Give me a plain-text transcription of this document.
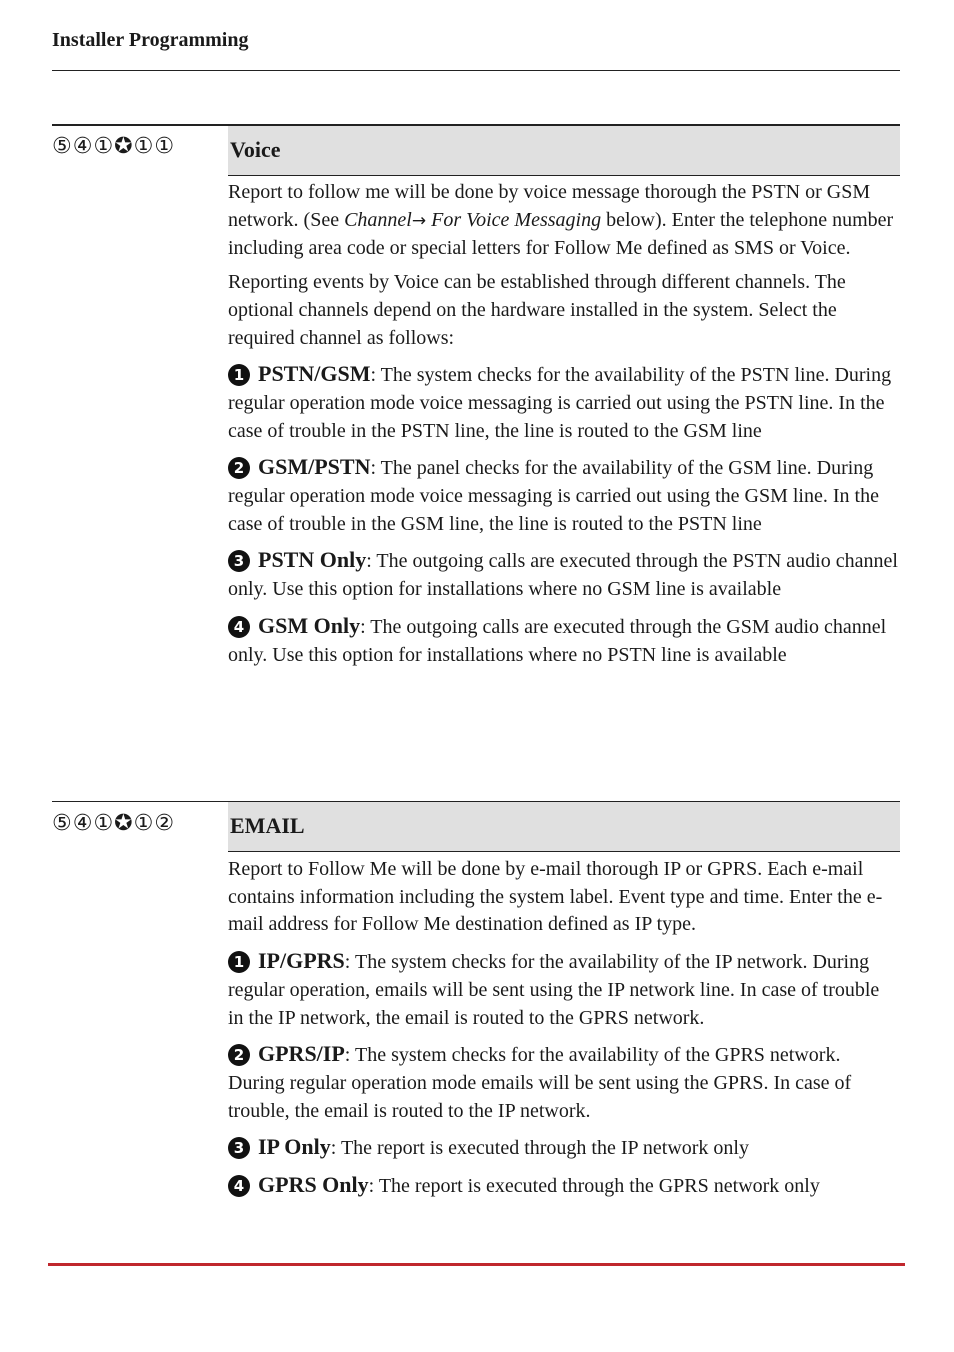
Installer Programming
⑤④①✪①① Voice

Report to follow me will be done by voice message thorough the PSTN or GSM network. (See Channel→ For Voice Messaging below). Enter the telephone number including area code or special letters for Follow Me defined as SMS or Voice.

Reporting events by Voice can be established through different channels. The optional channels depend on the hardware installed in the system. Select the required channel as follows:

1 PSTN/GSM: The system checks for the availability of the PSTN line. During regular operation mode voice messaging is carried out using the PSTN line. In the case of trouble in the PSTN line, the line is routed to the GSM line

2 GSM/PSTN: The panel checks for the availability of the GSM line. During regular operation mode voice messaging is carried out using the GSM line. In the case of trouble in the GSM line, the line is routed to the PSTN line

3 PSTN Only: The outgoing calls are executed through the PSTN audio channel only. Use this option for installations where no GSM line is available

4 GSM Only: The outgoing calls are executed through the GSM audio channel only. Use this option for installations where no PSTN line is available

⑤④①✪①② EMAIL

Report to Follow Me will be done by e-mail thorough IP or GPRS. Each e-mail contains information including the system label. Event type and time. Enter the e-mail address for Follow Me destination defined as IP type.

1 IP/GPRS: The system checks for the availability of the IP network. During regular operation, emails will be sent using the IP network line. In case of trouble in the IP network, the email is routed to the GPRS network.

2 GPRS/IP: The system checks for the availability of the GPRS network. During regular operation mode emails will be sent using the GPRS. In case of trouble, the email is routed to the IP network.

3 IP Only: The report is executed through the IP network only

4 GPRS Only: The report is executed through the GPRS network only
